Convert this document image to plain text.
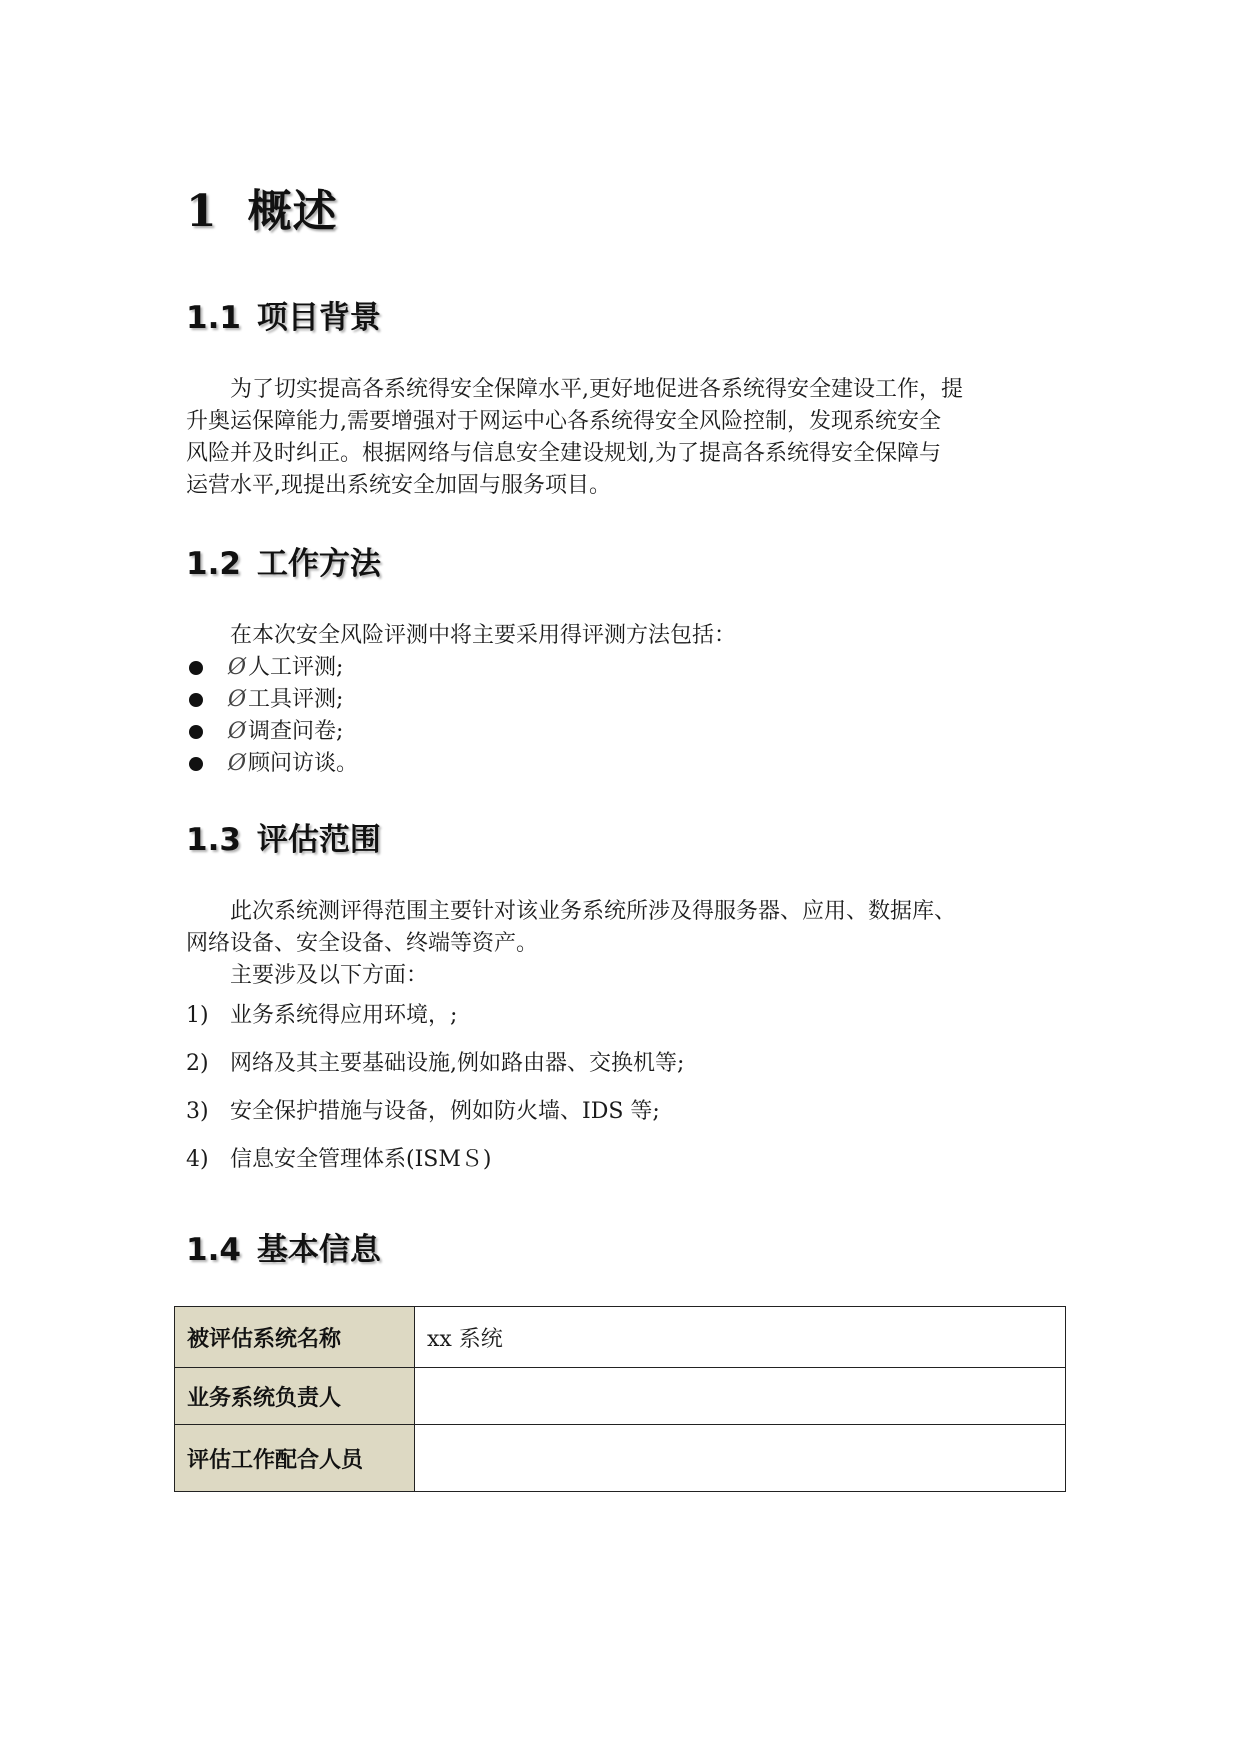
1 概述
1.1 项目背景
为了切实提高各系统得安全保障水平,更好地促进各系统得安全建设工作，提
升奥运保障能力,需要增强对于网运中心各系统得安全风险控制，发现系统安全
风险并及时纠正。根据网络与信息安全建设规划,为了提高各系统得安全保障与
运营水平,现提出系统安全加固与服务项目。
1.2 工作方法
在本次安全风险评测中将主要采用得评测方法包括：
Ø人工评测;
Ø工具评测;
Ø调查问卷;
Ø顾问访谈。
1.3 评估范围
此次系统测评得范围主要针对该业务系统所涉及得服务器、应用、数据库、
网络设备、安全设备、终端等资产。
主要涉及以下方面：
1) 业务系统得应用环境，;
2) 网络及其主要基础设施,例如路由器、交换机等;
3) 安全保护措施与设备，例如防火墙、IDS 等;
4) 信息安全管理体系(ISMＳ)
1.4 基本信息
被评估系统名称	xx 系统
业务系统负责人	
评估工作配合人员	
